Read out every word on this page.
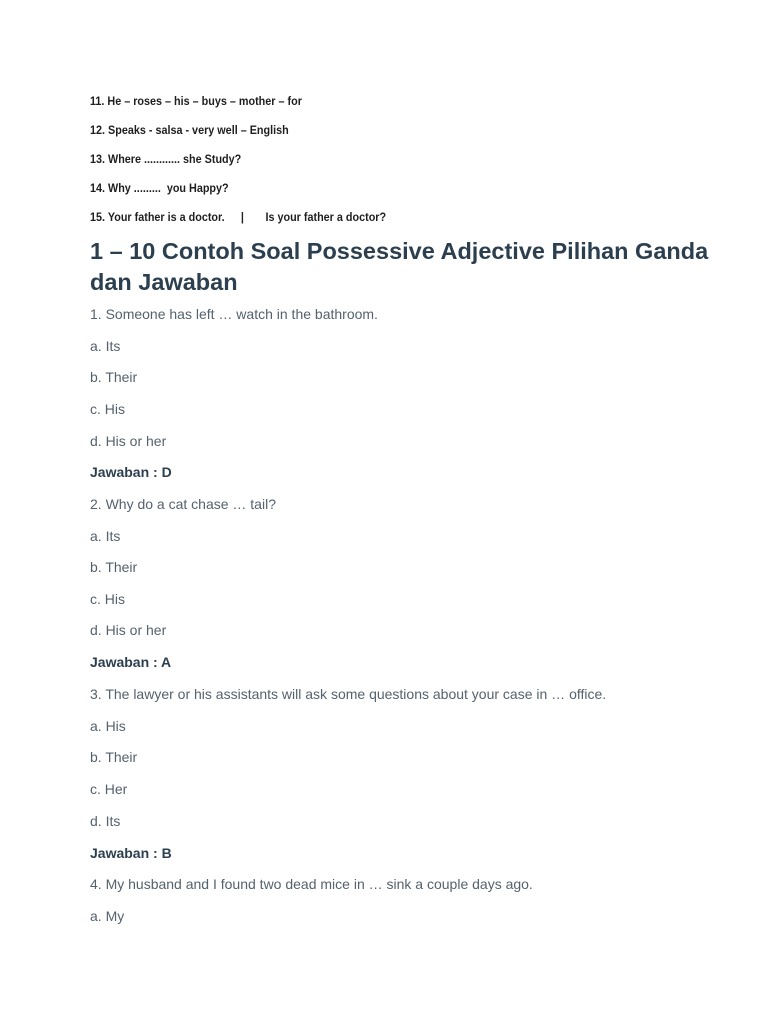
11. He – roses – his – buys – mother – for
12. Speaks - salsa - very well – English
13. Where ............ she Study?
14. Why .........  you Happy?
15. Your father is a doctor. | Is your father a doctor?
1 – 10 Contoh Soal Possessive Adjective Pilihan Ganda dan Jawaban
1. Someone has left … watch in the bathroom.
a. Its
b. Their
c. His
d. His or her
Jawaban : D
2. Why do a cat chase … tail?
a. Its
b. Their
c. His
d. His or her
Jawaban : A
3. The lawyer or his assistants will ask some questions about your case in … office.
a. His
b. Their
c. Her
d. Its
Jawaban : B
4. My husband and I found two dead mice in … sink a couple days ago.
a. My
